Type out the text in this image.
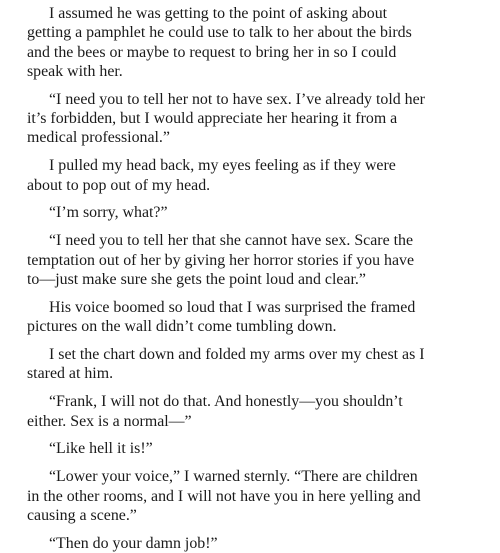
I assumed he was getting to the point of asking about
getting a pamphlet he could use to talk to her about the birds
and the bees or maybe to request to bring her in so I could
speak with her.
“I need you to tell her not to have sex. I’ve already told her
it’s forbidden, but I would appreciate her hearing it from a
medical professional.”
I pulled my head back, my eyes feeling as if they were
about to pop out of my head.
“I’m sorry, what?”
“I need you to tell her that she cannot have sex. Scare the
temptation out of her by giving her horror stories if you have
to—just make sure she gets the point loud and clear.”
His voice boomed so loud that I was surprised the framed
pictures on the wall didn’t come tumbling down.
I set the chart down and folded my arms over my chest as I
stared at him.
“Frank, I will not do that. And honestly—you shouldn’t
either. Sex is a normal—”
“Like hell it is!”
“Lower your voice,” I warned sternly. “There are children
in the other rooms, and I will not have you in here yelling and
causing a scene.”
“Then do your damn job!”
